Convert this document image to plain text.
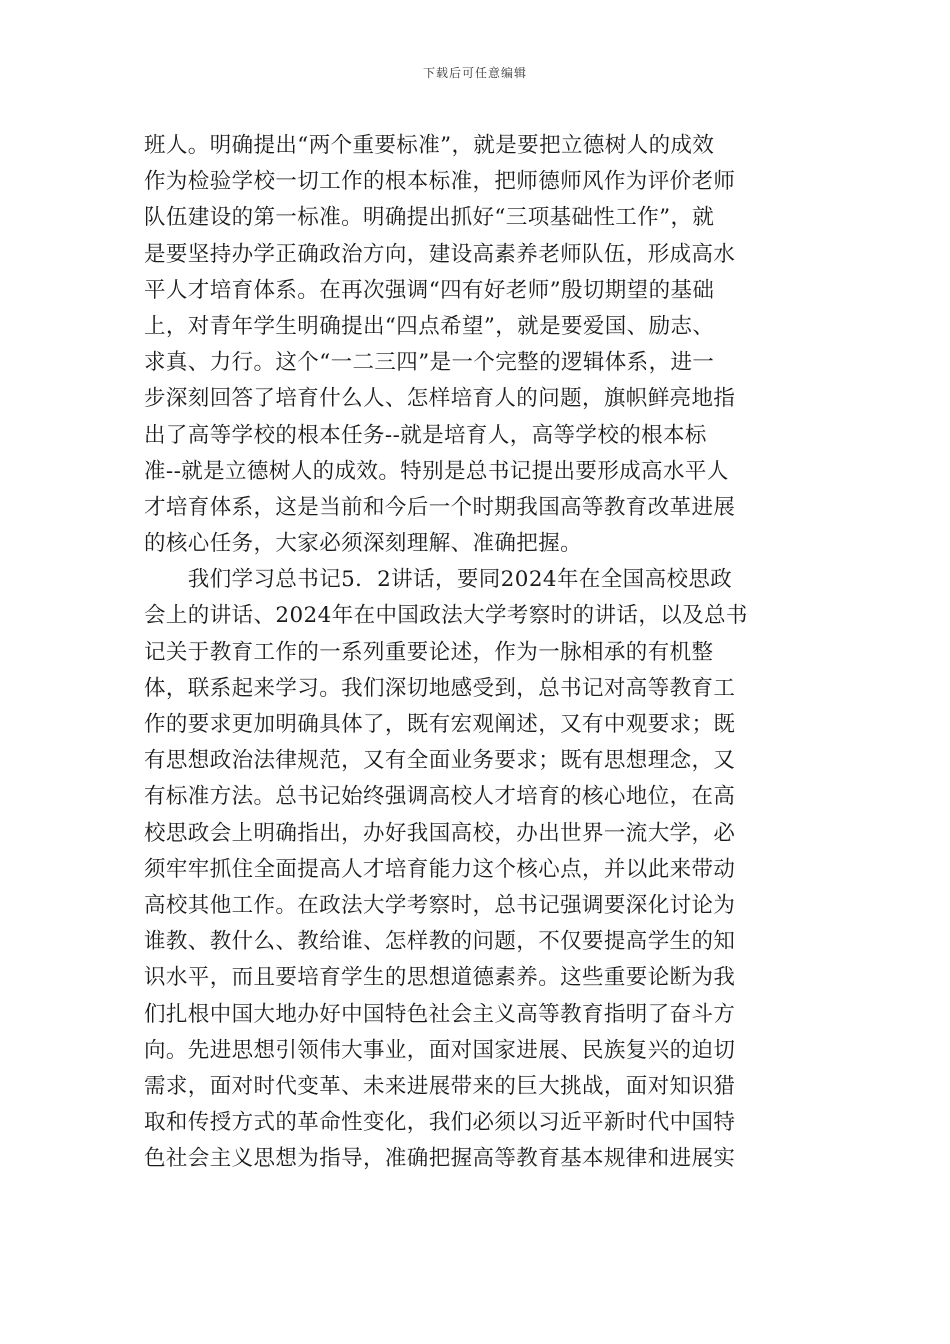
下载后可任意编辑
班人。明确提出“两个重要标准”，就是要把立德树人的成效
作为检验学校一切工作的根本标准，把师德师风作为评价老师
队伍建设的第一标准。明确提出抓好“三项基础性工作”，就
是要坚持办学正确政治方向，建设高素养老师队伍，形成高水
平人才培育体系。在再次强调“四有好老师”殷切期望的基础
上，对青年学生明确提出“四点希望”，就是要爱国、励志、
求真、力行。这个“一二三四”是一个完整的逻辑体系，进一
步深刻回答了培育什么人、怎样培育人的问题，旗帜鲜亮地指
出了高等学校的根本任务--就是培育人，高等学校的根本标
准--就是立德树人的成效。特别是总书记提出要形成高水平人
才培育体系，这是当前和今后一个时期我国高等教育改革进展
的核心任务，大家必须深刻理解、准确把握。
　　我们学习总书记5．2讲话，要同2024年在全国高校思政
会上的讲话、2024年在中国政法大学考察时的讲话，以及总书
记关于教育工作的一系列重要论述，作为一脉相承的有机整
体，联系起来学习。我们深切地感受到，总书记对高等教育工
作的要求更加明确具体了，既有宏观阐述，又有中观要求；既
有思想政治法律规范，又有全面业务要求；既有思想理念，又
有标准方法。总书记始终强调高校人才培育的核心地位，在高
校思政会上明确指出，办好我国高校，办出世界一流大学，必
须牢牢抓住全面提高人才培育能力这个核心点，并以此来带动
高校其他工作。在政法大学考察时，总书记强调要深化讨论为
谁教、教什么、教给谁、怎样教的问题，不仅要提高学生的知
识水平，而且要培育学生的思想道德素养。这些重要论断为我
们扎根中国大地办好中国特色社会主义高等教育指明了奋斗方
向。先进思想引领伟大事业，面对国家进展、民族复兴的迫切
需求，面对时代变革、未来进展带来的巨大挑战，面对知识猎
取和传授方式的革命性变化，我们必须以习近平新时代中国特
色社会主义思想为指导，准确把握高等教育基本规律和进展实
